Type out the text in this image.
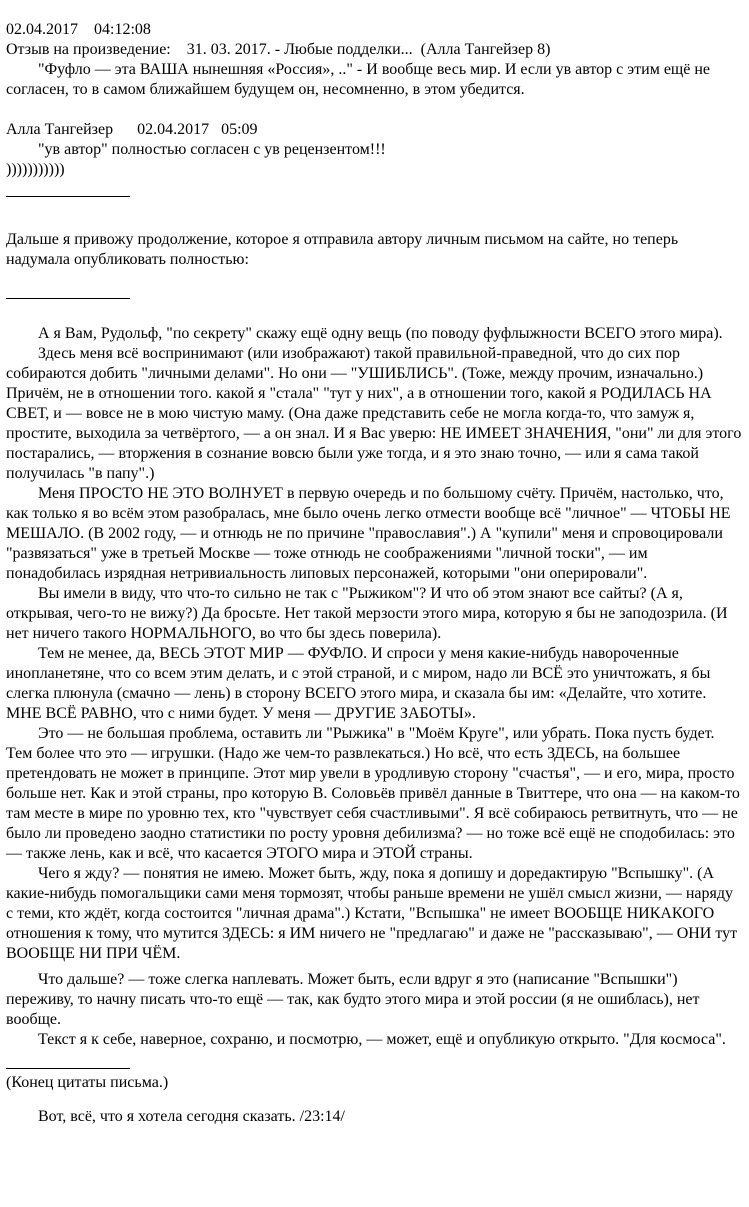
02.04.2017    04:12:08

Отзыв на произведение:    31. 03. 2017. - Любые подделки...  (Алла Тангейзер 8)

"Фуфло — эта ВАША нынешняя «Россия», .." - И вообще весь мир. И если ув автор с этим ещё не согласен, то в самом ближайшем будущем он, несомненно, в этом убедится.

Алла Тангейзер      02.04.2017   05:09

"ув автор" полностью согласен с ув рецензентом!!!

)))))))))))

Дальше я привожу продолжение, которое я отправила автору личным письмом на сайте, но теперь надумала опубликовать полностью:

А я Вам, Рудольф, "по секрету" скажу ещё одну вещь (по поводу фуфлыжности ВСЕГО этого мира).

Здесь меня всё воспринимают (или изображают) такой правильной-праведной, что до сих пор собираются добить "личными делами". Но они — "УШИБЛИСЬ". (Тоже, между прочим, изначально.) Причём, не в отношении того. какой я "стала" "тут у них", а в отношении того, какой я РОДИЛАСЬ НА СВЕТ, и — вовсе не в мою чистую маму. (Она даже представить себе не могла когда-то, что замуж я, простите, выходила за четвёртого, — а он знал. И я Вас уверю: НЕ ИМЕЕТ ЗНАЧЕНИЯ, "они" ли для этого постарались, — вторжения в сознание вовсю были уже тогда, и я это знаю точно, — или я сама такой получилась "в папу".)

Меня ПРОСТО НЕ ЭТО ВОЛНУЕТ в первую очередь и по большому счёту. Причём, настолько, что, как только я во всём этом разобралась, мне было очень легко отмести вообще всё "личное" — ЧТОБЫ НЕ МЕШАЛО. (В 2002 году, — и отнюдь не по причине "православия".) А "купили" меня и спровоцировали "развязаться" уже в третьей Москве — тоже отнюдь не соображениями "личной тоски", — им понадобилась изрядная нетривиальность липовых персонажей, которыми "они оперировали".

Вы имели в виду, что что-то сильно не так с "Рыжиком"? И что об этом знают все сайты? (А я, открывая, чего-то не вижу?) Да бросьте. Нет такой мерзости этого мира, которую я бы не заподозрила. (И нет ничего такого НОРМАЛЬНОГО, во что бы здесь поверила).

Тем не менее, да, ВЕСЬ ЭТОТ МИР — ФУФЛО. И спроси у меня какие-нибудь навороченные инопланетяне, что со всем этим делать, и с этой страной, и с миром, надо ли ВСЁ это уничтожать, я бы слегка плюнула (смачно — лень) в сторону ВСЕГО этого мира, и сказала бы им: «Делайте, что хотите. МНЕ ВСЁ РАВНО, что с ними будет. У меня — ДРУГИЕ ЗАБОТЫ».

Это — не большая проблема, оставить ли "Рыжика" в "Моём Круге", или убрать. Пока пусть будет. Тем более что это — игрушки. (Надо же чем-то развлекаться.) Но всё, что есть ЗДЕСЬ, на большее претендовать не может в принципе. Этот мир увели в уродливую сторону "счастья", — и его, мира, просто больше нет. Как и этой страны, про которую В. Соловьёв привёл данные в Твиттере, что она — на каком-то там месте в мире по уровню тех, кто "чувствует себя счастливыми". Я всё собираюсь ретвитнуть, что — не было ли проведено заодно статистики по росту уровня дебилизма? — но тоже всё ещё не сподобилась: это — также лень, как и всё, что касается ЭТОГО мира и ЭТОЙ страны.

Чего я жду? — понятия не имею. Может быть, жду, пока я допишу и доредактирую "Вспышку". (А какие-нибудь помогальщики сами меня тормозят, чтобы раньше времени не ушёл смысл жизни, — наряду с теми, кто ждёт, когда состоится "личная драма".) Кстати, "Вспышка" не имеет ВООБЩЕ НИКАКОГО отношения к тому, что мутится ЗДЕСЬ: я ИМ ничего не "предлагаю" и даже не "рассказываю", — ОНИ тут ВООБЩЕ НИ ПРИ ЧЁМ.

Что дальше? — тоже слегка наплевать. Может быть, если вдруг я это (написание "Вспышки") переживу, то начну писать что-то ещё — так, как будто этого мира и этой россии (я не ошиблась), нет вообще.

Текст я к себе, наверное, сохраню, и посмотрю, — может, ещё и опубликую открыто. "Для космоса".

(Конец цитаты письма.)

Вот, всё, что я хотела сегодня сказать. /23:14/
